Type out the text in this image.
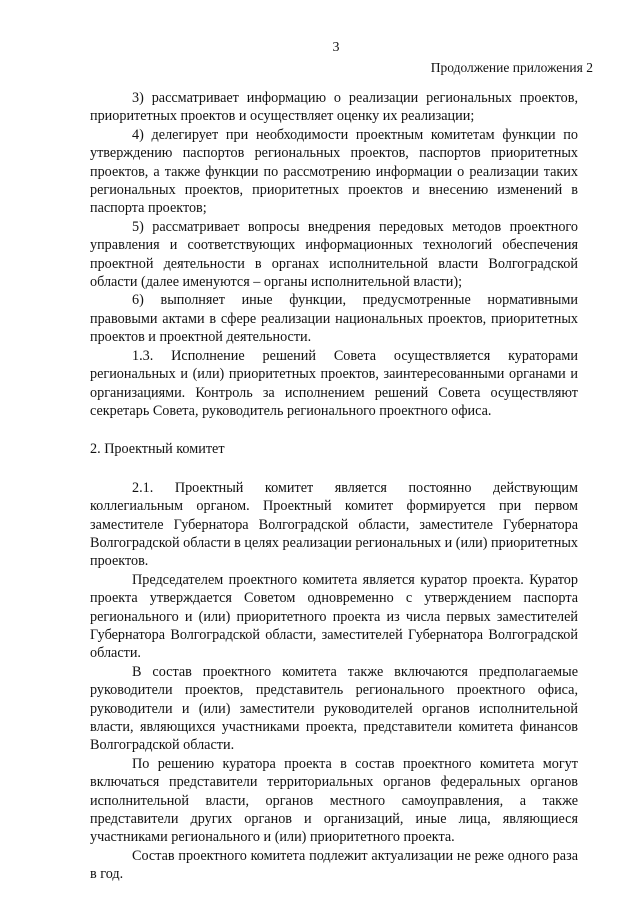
3
Продолжение приложения 2

3) рассматривает информацию о реализации региональных проектов, приоритетных проектов и осуществляет оценку их реализации;

4) делегирует при необходимости проектным комитетам функции по утверждению паспортов региональных проектов, паспортов приоритетных проектов, а также функции по рассмотрению информации о реализации таких региональных проектов, приоритетных проектов и внесению изменений в паспорта проектов;

5) рассматривает вопросы внедрения передовых методов проектного управления и соответствующих информационных технологий обеспечения проектной деятельности в органах исполнительной власти Волгоградской области (далее именуются – органы исполнительной власти);

6) выполняет иные функции, предусмотренные нормативными правовыми актами в сфере реализации национальных проектов, приоритетных проектов и проектной деятельности.

1.3. Исполнение решений Совета осуществляется кураторами региональных и (или) приоритетных проектов, заинтересованными органами и организациями. Контроль за исполнением решений Совета осуществляют секретарь Совета, руководитель регионального проектного офиса.

2. Проектный комитет

2.1. Проектный комитет является постоянно действующим коллегиальным органом. Проектный комитет формируется при первом заместителе Губернатора Волгоградской области, заместителе Губернатора Волгоградской области в целях реализации региональных и (или) приоритетных проектов.

Председателем проектного комитета является куратор проекта. Куратор проекта утверждается Советом одновременно с утверждением паспорта регионального и (или) приоритетного проекта из числа первых заместителей Губернатора Волгоградской области, заместителей Губернатора Волгоградской области.

В состав проектного комитета также включаются предполагаемые руководители проектов, представитель регионального проектного офиса, руководители и (или) заместители руководителей органов исполнительной власти, являющихся участниками проекта, представители комитета финансов Волгоградской области.

По решению куратора проекта в состав проектного комитета могут включаться представители территориальных органов федеральных органов исполнительной власти, органов местного самоуправления, а также представители других органов и организаций, иные лица, являющиеся участниками регионального и (или) приоритетного проекта.

Состав проектного комитета подлежит актуализации не реже одного раза в год.
